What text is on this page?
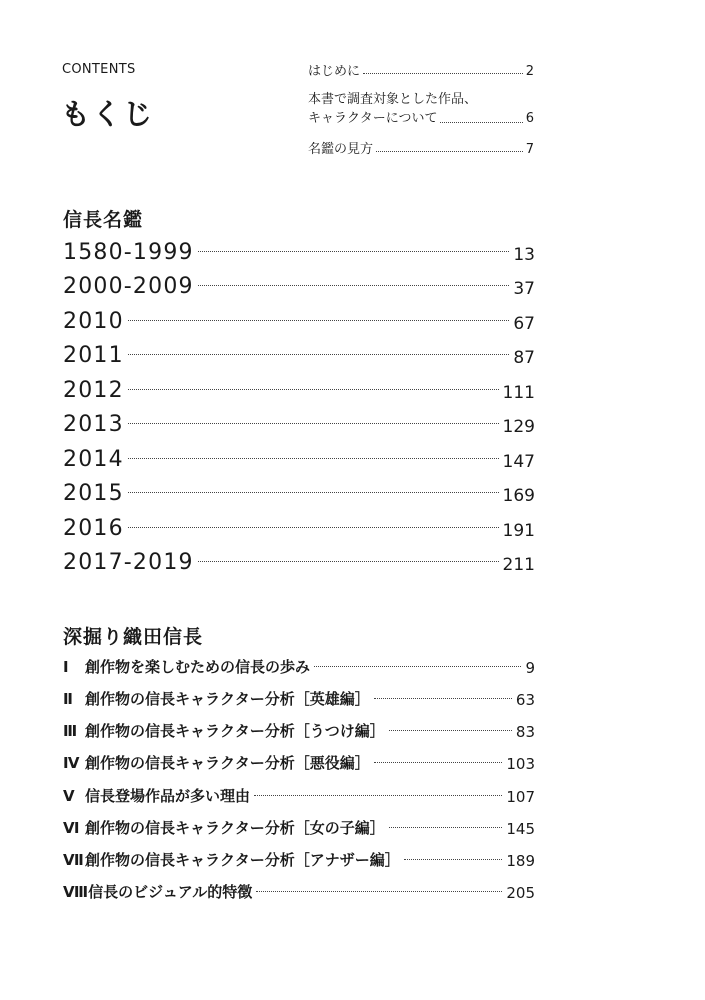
CONTENTS
もくじ
はじめに	2
本書で調査対象とした作品、
キャラクターについて	6
名鑑の見方	7
信長名鑑
1580-1999	13
2000-2009	37
2010	67
2011	87
2012	111
2013	129
2014	147
2015	169
2016	191
2017-2019	211
深掘り織田信長
Ⅰ 創作物を楽しむための信長の歩み	9
Ⅱ 創作物の信長キャラクター分析［英雄編］	63
Ⅲ 創作物の信長キャラクター分析［うつけ編］	83
Ⅳ 創作物の信長キャラクター分析［悪役編］	103
Ⅴ 信長登場作品が多い理由	107
Ⅵ 創作物の信長キャラクター分析［女の子編］	145
Ⅶ創作物の信長キャラクター分析［アナザー編］	189
Ⅷ信長のビジュアル的特徴	205
